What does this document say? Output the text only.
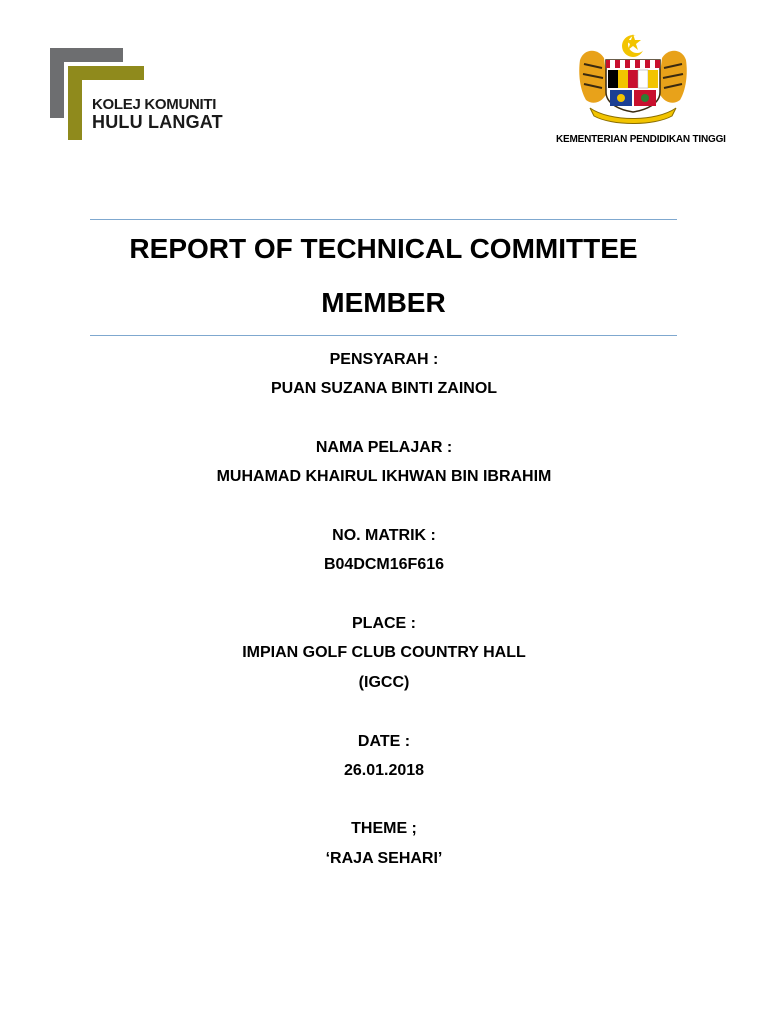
KOLEJ KOMUNITI
HULU LANGAT
KEMENTERIAN PENDIDIKAN TINGGI
REPORT OF TECHNICAL COMMITTEE
MEMBER
PENSYARAH :
PUAN SUZANA BINTI ZAINOL
NAMA PELAJAR :
MUHAMAD KHAIRUL IKHWAN BIN IBRAHIM
NO. MATRIK :
B04DCM16F616
PLACE :
IMPIAN GOLF CLUB COUNTRY HALL
(IGCC)
DATE :
26.01.2018
THEME ;
‘RAJA SEHARI’
